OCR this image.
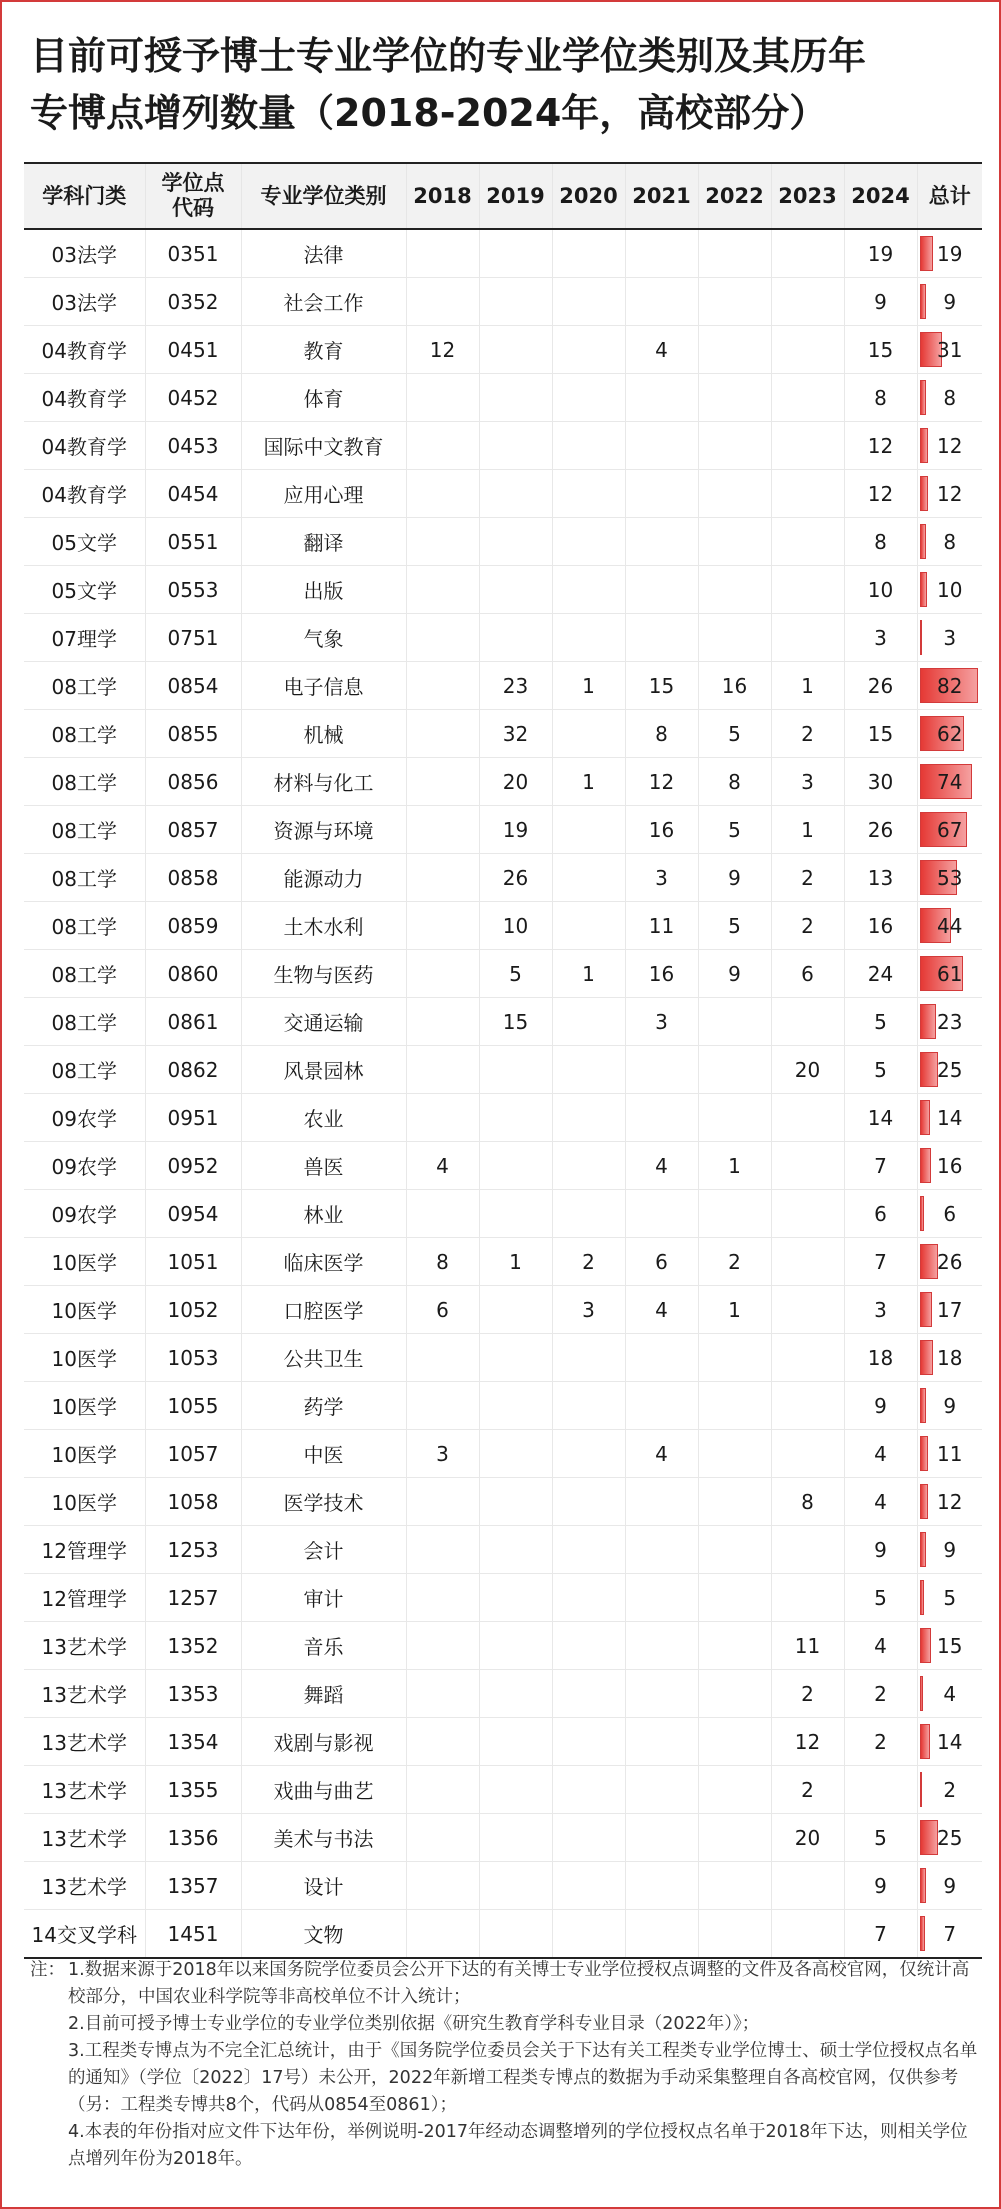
目前可授予博士专业学位的专业学位类别及其历年
专博点增列数量（2018-2024年，高校部分）
学科门类	学位点
代码	专业学位类别	2018	2019	2020	2021	2022	2023	2024	总计
03法学	0351	法律							19	19
03法学	0352	社会工作							9	9
04教育学	0451	教育	12			4			15	31
04教育学	0452	体育							8	8
04教育学	0453	国际中文教育							12	12
04教育学	0454	应用心理							12	12
05文学	0551	翻译							8	8
05文学	0553	出版							10	10
07理学	0751	气象							3	3
08工学	0854	电子信息		23	1	15	16	1	26	82
08工学	0855	机械		32		8	5	2	15	62
08工学	0856	材料与化工		20	1	12	8	3	30	74
08工学	0857	资源与环境		19		16	5	1	26	67
08工学	0858	能源动力		26		3	9	2	13	53
08工学	0859	土木水利		10		11	5	2	16	44
08工学	0860	生物与医药		5	1	16	9	6	24	61
08工学	0861	交通运输		15		3			5	23
08工学	0862	风景园林						20	5	25
09农学	0951	农业							14	14
09农学	0952	兽医	4			4	1		7	16
09农学	0954	林业							6	6
10医学	1051	临床医学	8	1	2	6	2		7	26
10医学	1052	口腔医学	6		3	4	1		3	17
10医学	1053	公共卫生							18	18
10医学	1055	药学							9	9
10医学	1057	中医	3			4			4	11
10医学	1058	医学技术						8	4	12
12管理学	1253	会计							9	9
12管理学	1257	审计							5	5
13艺术学	1352	音乐						11	4	15
13艺术学	1353	舞蹈						2	2	4
13艺术学	1354	戏剧与影视						12	2	14
13艺术学	1355	戏曲与曲艺						2		2
13艺术学	1356	美术与书法						20	5	25
13艺术学	1357	设计							9	9
14交叉学科	1451	文物							7	7
注： 1.数据来源于2018年以来国务院学位委员会公开下达的有关博士专业学位授权点调整的文件及各高校官网，仅统计高校部分，中国农业科学院等非高校单位不计入统计；
2.目前可授予博士专业学位的专业学位类别依据《研究生教育学科专业目录（2022年）》；
3.工程类专博点为不完全汇总统计，由于《国务院学位委员会关于下达有关工程类专业学位博士、硕士学位授权点名单的通知》（学位〔2022〕17号）未公开，2022年新增工程类专博点的数据为手动采集整理自各高校官网，仅供参考（另：工程类专博共8个，代码从0854至0861）；
4.本表的年份指对应文件下达年份，举例说明-2017年经动态调整增列的学位授权点名单于2018年下达，则相关学位点增列年份为2018年。
